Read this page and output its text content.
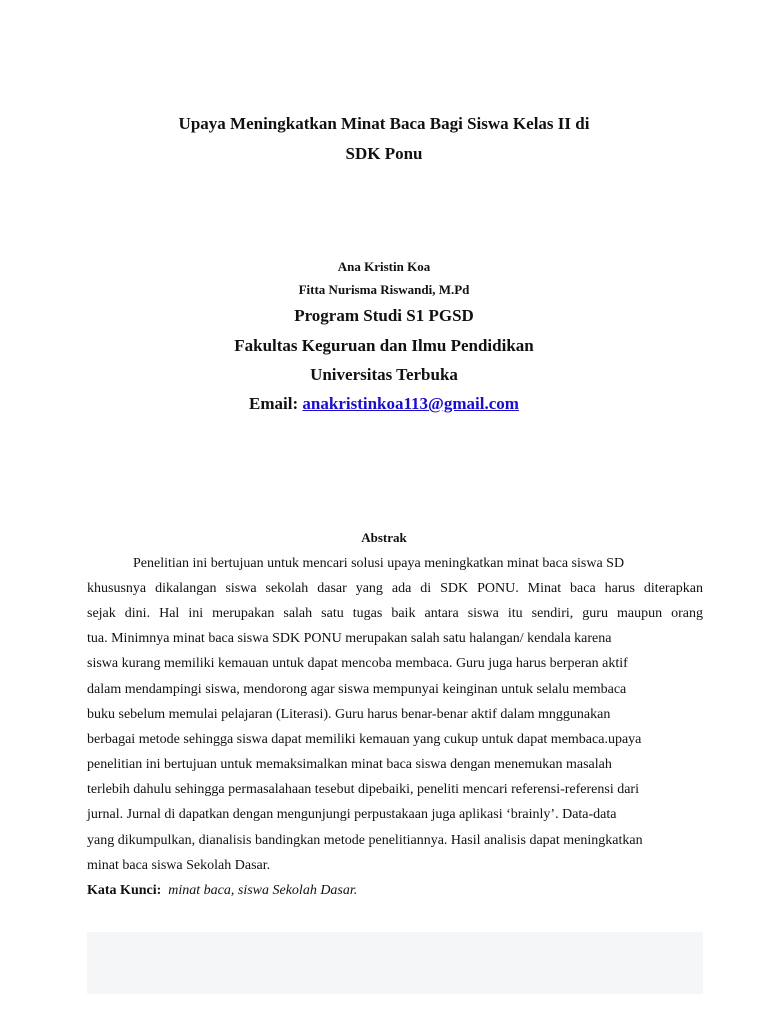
Upaya Meningkatkan Minat Baca Bagi Siswa Kelas II di
SDK Ponu
Ana Kristin Koa
Fitta Nurisma Riswandi, M.Pd
Program Studi S1 PGSD
Fakultas Keguruan dan Ilmu Pendidikan
Universitas Terbuka
Email: anakristinkoa113@gmail.com
Abstrak
Penelitian ini bertujuan untuk mencari solusi upaya meningkatkan minat baca siswa SD
khususnya dikalangan siswa sekolah dasar yang ada di SDK PONU. Minat baca harus diterapkan
sejak dini. Hal ini merupakan salah satu tugas baik antara siswa itu sendiri, guru maupun orang
tua. Minimnya minat baca siswa SDK PONU merupakan salah satu halangan/ kendala karena
siswa kurang memiliki kemauan untuk dapat mencoba membaca. Guru juga harus berperan aktif
dalam mendampingi siswa, mendorong agar siswa mempunyai keinginan untuk selalu membaca
buku sebelum memulai pelajaran (Literasi). Guru harus benar-benar aktif dalam mnggunakan
berbagai metode sehingga siswa dapat memiliki kemauan yang cukup untuk dapat membaca.upaya
penelitian ini bertujuan untuk memaksimalkan minat baca siswa dengan menemukan masalah
terlebih dahulu sehingga permasalahaan tesebut dipebaiki, peneliti mencari referensi-referensi dari
jurnal. Jurnal di dapatkan dengan mengunjungi perpustakaan juga aplikasi ‘brainly’. Data-data
yang dikumpulkan, dianalisis bandingkan metode penelitiannya. Hasil analisis dapat meningkatkan
minat baca siswa Sekolah Dasar.
Kata Kunci: minat baca, siswa Sekolah Dasar.
